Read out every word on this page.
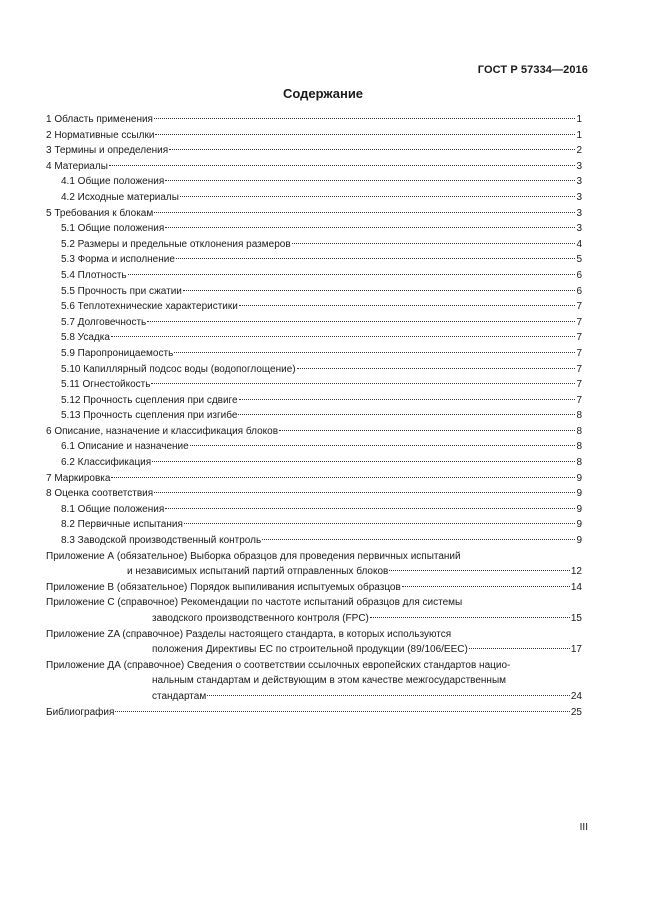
ГОСТ Р 57334—2016
Содержание
1 Область применения	1
2 Нормативные ссылки	1
3 Термины и определения	2
4 Материалы	3
4.1 Общие положения	3
4.2 Исходные материалы	3
5 Требования к блокам	3
5.1 Общие положения	3
5.2 Размеры и предельные отклонения размеров	4
5.3 Форма и исполнение	5
5.4 Плотность	6
5.5 Прочность при сжатии	6
5.6 Теплотехнические характеристики	7
5.7 Долговечность	7
5.8 Усадка	7
5.9 Паропроницаемость	7
5.10 Капиллярный подсос воды (водопоглощение)	7
5.11 Огнестойкость	7
5.12 Прочность сцепления при сдвиге	7
5.13 Прочность сцепления при изгибе	8
6 Описание, назначение и классификация блоков	8
6.1 Описание и назначение	8
6.2 Классификация	8
7 Маркировка	9
8 Оценка соответствия	9
8.1 Общие положения	9
8.2 Первичные испытания	9
8.3 Заводской производственный контроль	9
Приложение А (обязательное) Выборка образцов для проведения первичных испытаний
и независимых испытаний партий отправленных блоков	12
Приложение В (обязательное) Порядок выпиливания испытуемых образцов	14
Приложение С (справочное) Рекомендации по частоте испытаний образцов для системы
заводского производственного контроля (FPC)	15
Приложение ZA (справочное) Разделы настоящего стандарта, в которых используются
положения Директивы ЕС по строительной продукции (89/106/EEC)	17
Приложение ДА (справочное) Сведения о соответствии ссылочных европейских стандартов нацио-
нальным стандартам и действующим в этом качестве межгосударственным
стандартам	24
Библиография	25
III
